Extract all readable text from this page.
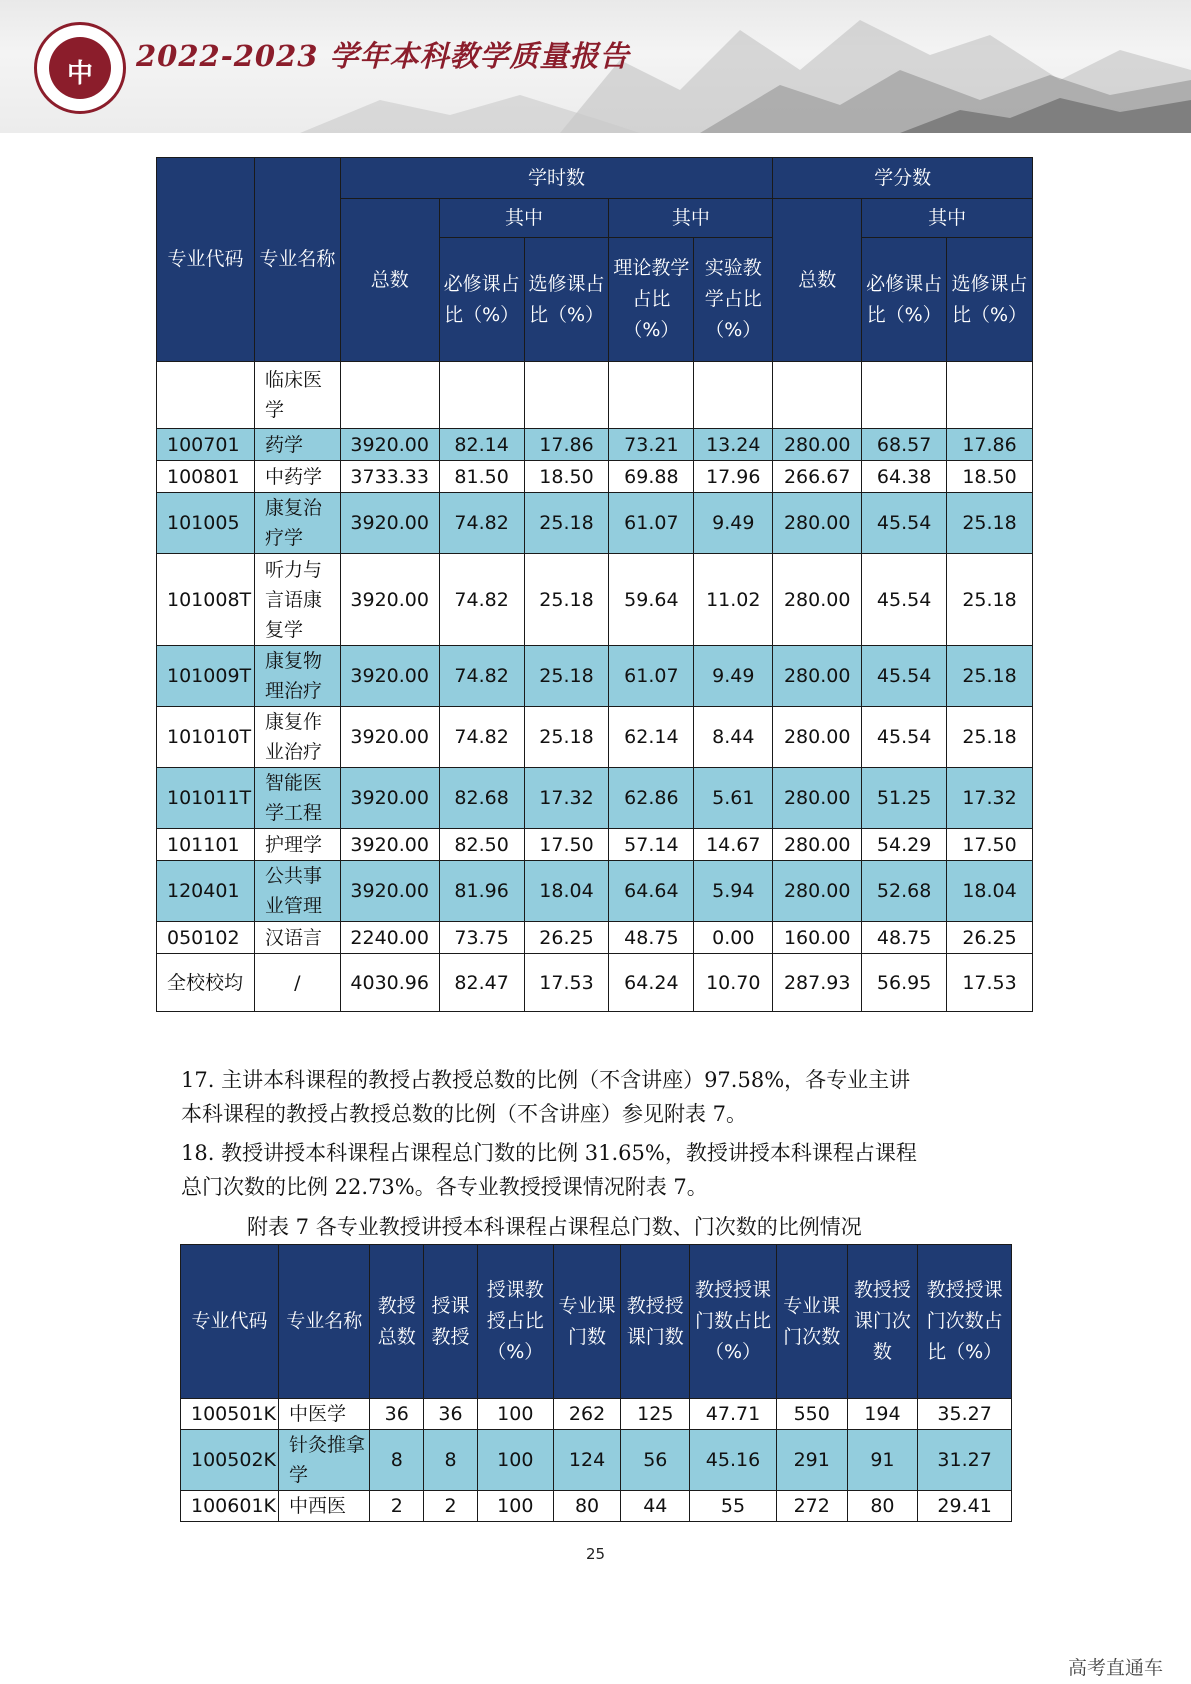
中
2022-2023 学年本科教学质量报告
专业代码	专业名称	学时数					学分数		
		总数	其中		其中		总数	其中	
			必修课占比（%）	选修课占比（%）	理论教学占比（%）	实验教学占比（%）		必修课占比（%）	选修课占比（%）
	临床医学								
100701	药学	3920.00	82.14	17.86	73.21	13.24	280.00	68.57	17.86
100801	中药学	3733.33	81.50	18.50	69.88	17.96	266.67	64.38	18.50
101005	康复治疗学	3920.00	74.82	25.18	61.07	9.49	280.00	45.54	25.18
101008T	听力与言语康复学	3920.00	74.82	25.18	59.64	11.02	280.00	45.54	25.18
101009T	康复物理治疗	3920.00	74.82	25.18	61.07	9.49	280.00	45.54	25.18
101010T	康复作业治疗	3920.00	74.82	25.18	62.14	8.44	280.00	45.54	25.18
101011T	智能医学工程	3920.00	82.68	17.32	62.86	5.61	280.00	51.25	17.32
101101	护理学	3920.00	82.50	17.50	57.14	14.67	280.00	54.29	17.50
120401	公共事业管理	3920.00	81.96	18.04	64.64	5.94	280.00	52.68	18.04
050102	汉语言	2240.00	73.75	26.25	48.75	0.00	160.00	48.75	26.25
全校校均	/	4030.96	82.47	17.53	64.24	10.70	287.93	56.95	17.53
17. 主讲本科课程的教授占教授总数的比例（不含讲座）97.58%，各专业主讲
本科课程的教授占教授总数的比例（不含讲座）参见附表 7。
18. 教授讲授本科课程占课程总门数的比例 31.65%，教授讲授本科课程占课程
总门次数的比例 22.73%。各专业教授授课情况附表 7。
附表 7 各专业教授讲授本科课程占课程总门数、门次数的比例情况
专业代码	专业名称	教授总数	授课教授	授课教授占比（%）	专业课门数	教授授课门数	教授授课门数占比（%）	专业课门次数	教授授课门次数	教授授课门次数占比（%）
100501K	中医学	36	36	100	262	125	47.71	550	194	35.27
100502K	针灸推拿学	8	8	100	124	56	45.16	291	91	31.27
100601K	中西医	2	2	100	80	44	55	272	80	29.41
25
高考直通车
